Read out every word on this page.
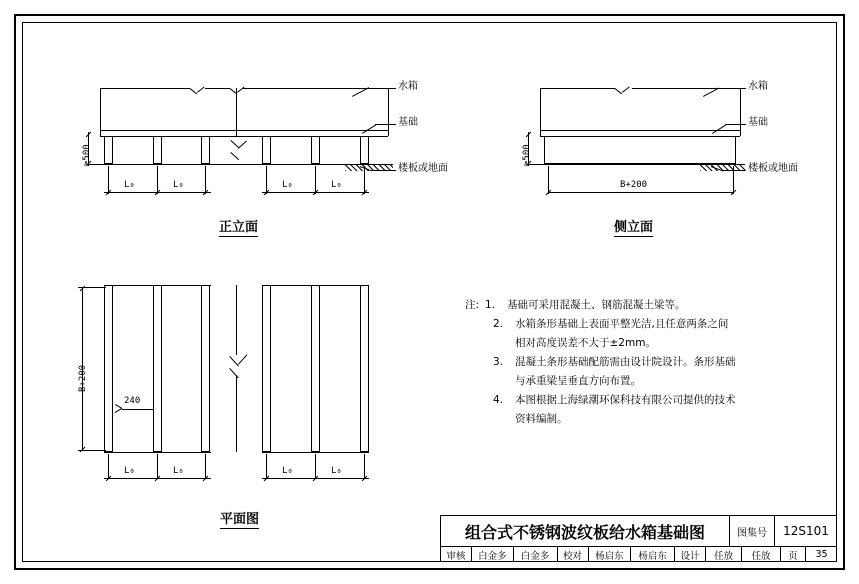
≥500
L₀	L₀	L₀	L₀
水箱
基础
楼板或地面
正立面
≥500
B+200
水箱
基础
楼板或地面
侧立面
B+200
240
L₀	L₀	L₀	L₀
平面图
注: 1. 基础可采用混凝土、钢筋混凝土梁等。
2. 水箱条形基础上表面平整光洁,且任意两条之间
相对高度误差不大于±2mm。
3. 混凝土条形基础配筋需由设计院设计。条形基础
与承重梁呈垂直方向布置。
4. 本图根据上海绿潮环保科技有限公司提供的技术
资料编制。
组合式不锈钢波纹板给水箱基础图	图集号	12S101
审核	白金多	白金多	校对	杨启东	杨启东	设计	任放	任放	页	35
